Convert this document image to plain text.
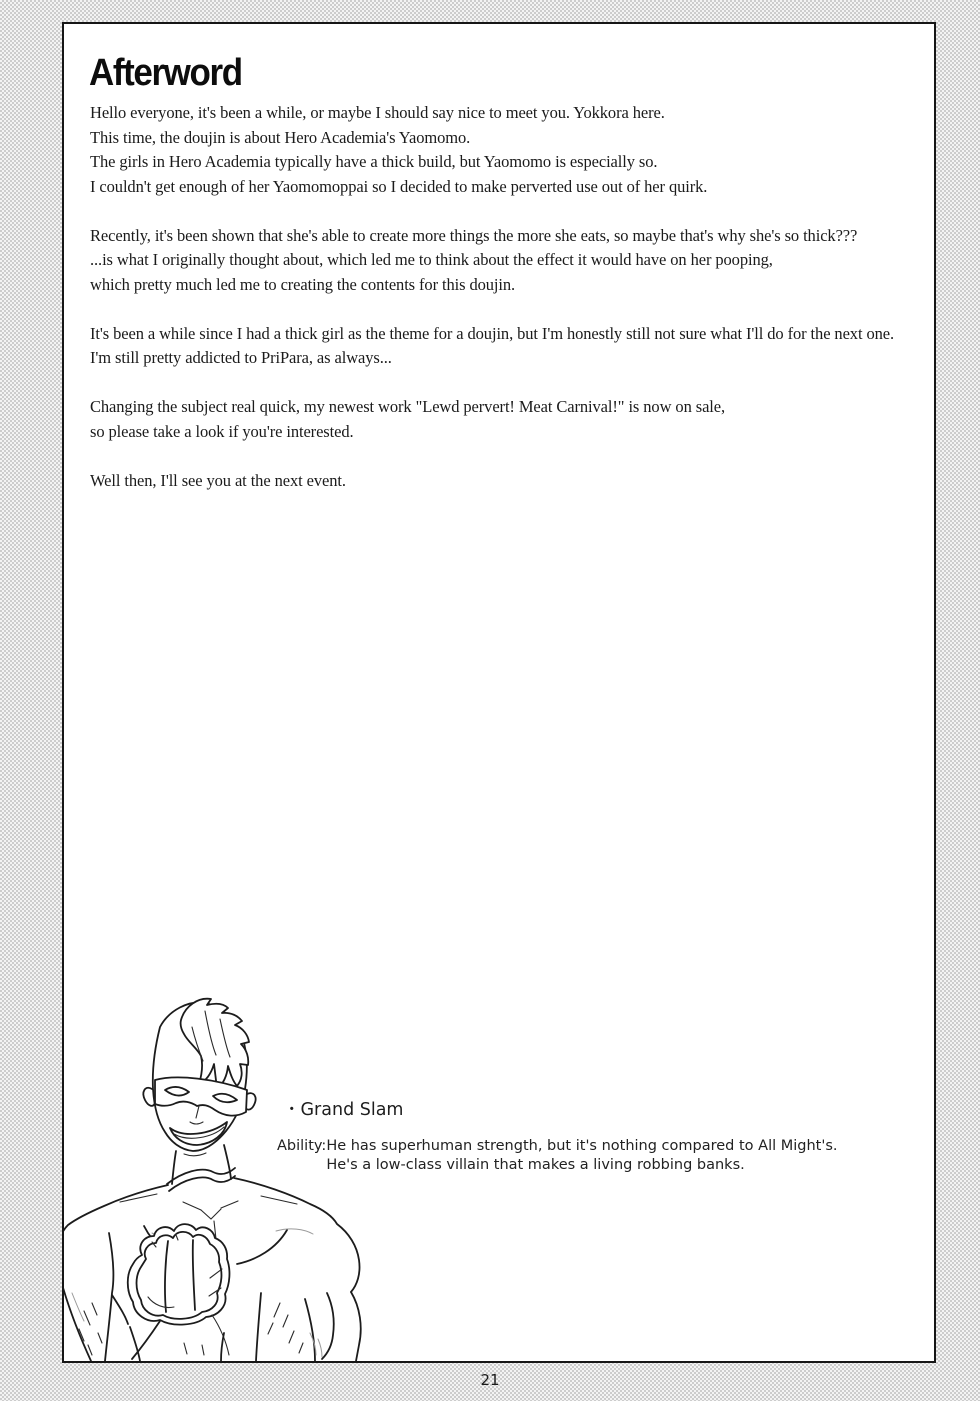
Afterword
Hello everyone, it's been a while, or maybe I should say nice to meet you. Yokkora here.
This time, the doujin is about Hero Academia's Yaomomo.
The girls in Hero Academia typically have a thick build, but Yaomomo is especially so.
I couldn't get enough of her Yaomomoppai so I decided to make perverted use out of her quirk.
Recently, it's been shown that she's able to create more things the more she eats, so maybe that's why she's so thick???
...is what I originally thought about, which led me to think about the effect it would have on her pooping,
which pretty much led me to creating the contents for this doujin.
It's been a while since I had a thick girl as the theme for a doujin, but I'm honestly still not sure what I'll do for the next one.
I'm still pretty addicted to PriPara, as always...
Changing the subject real quick, my newest work "Lewd pervert! Meat Carnival!" is now on sale,
so please take a look if you're interested.
Well then, I'll see you at the next event.
・Grand Slam
Ability: He has superhuman strength, but it's nothing compared to All Might's.
He's a low-class villain that makes a living robbing banks.
21
